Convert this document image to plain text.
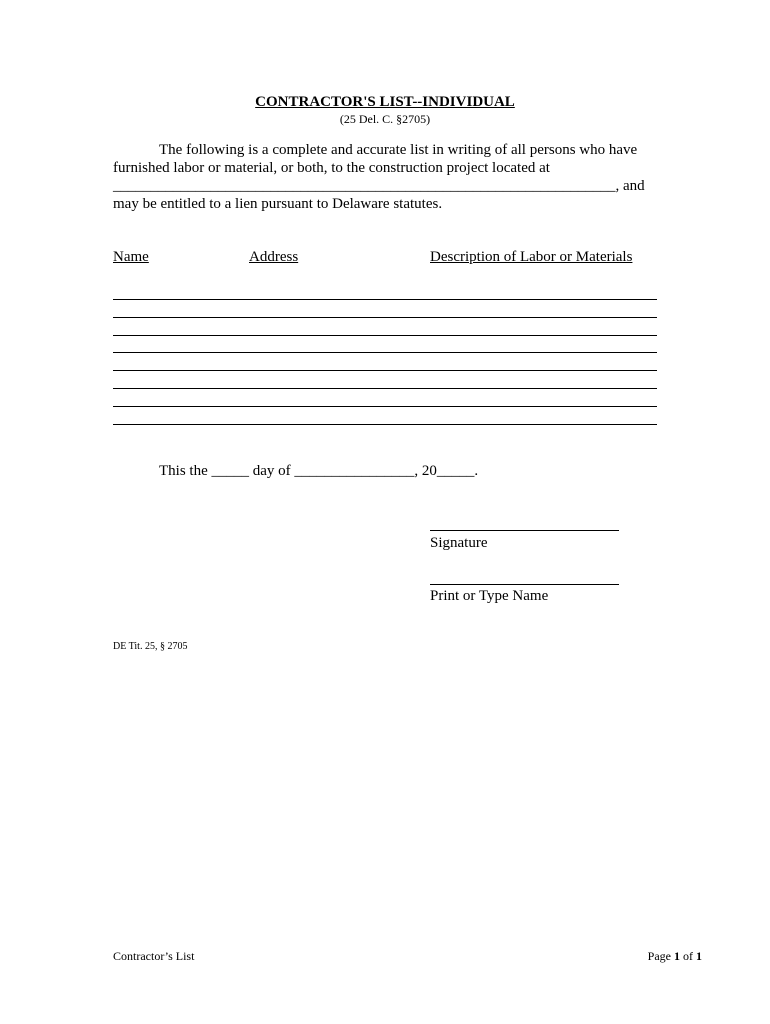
CONTRACTOR'S LIST--INDIVIDUAL
(25 Del. C. §2705)
The following is a complete and accurate list in writing of all persons who have
furnished labor or material, or both, to the construction project located at
___________________________________________________________________, and
may be entitled to a lien pursuant to Delaware statutes.
Name	Address	Description of Labor or Materials
This the _____ day of ________________, 20_____.
Signature
Print or Type Name
DE Tit. 25, § 2705
Contractor’s List	Page 1 of 1
